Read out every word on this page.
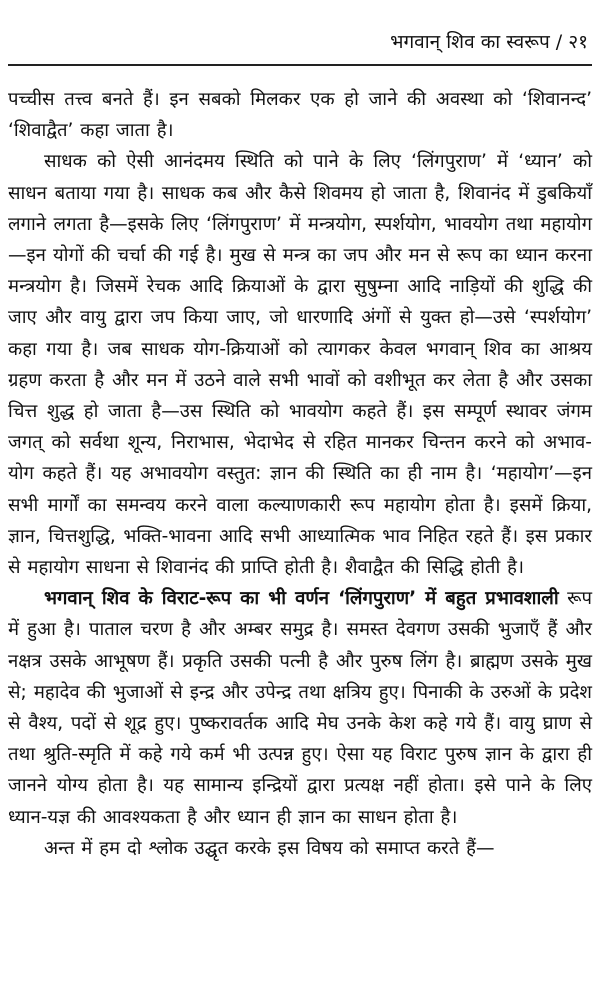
भगवान् शिव का स्वरूप / २१

पच्चीस तत्त्व बनते हैं। इन सबको मिलकर एक हो जाने की अवस्था को ‘शिवानन्द’ ‘शिवाद्वैत’ कहा जाता है।

साधक को ऐसी आनंदमय स्थिति को पाने के लिए ‘लिंगपुराण’ में ‘ध्यान’ को साधन बताया गया है। साधक कब और कैसे शिवमय हो जाता है, शिवानंद में डुबकियाँ लगाने लगता है—इसके लिए ‘लिंगपुराण’ में मन्त्रयोग, स्पर्शयोग, भावयोग तथा महायोग—इन योगों की चर्चा की गई है। मुख से मन्त्र का जप और मन से रूप का ध्यान करना मन्त्रयोग है। जिसमें रेचक आदि क्रियाओं के द्वारा सुषुम्ना आदि नाड़ियों की शुद्धि की जाए और वायु द्वारा जप किया जाए, जो धारणादि अंगों से युक्त हो—उसे ‘स्पर्शयोग’ कहा गया है। जब साधक योग-क्रियाओं को त्यागकर केवल भगवान् शिव का आश्रय ग्रहण करता है और मन में उठने वाले सभी भावों को वशीभूत कर लेता है और उसका चित्त शुद्ध हो जाता है—उस स्थिति को भावयोग कहते हैं। इस सम्पूर्ण स्थावर जंगम जगत् को सर्वथा शून्य, निराभास, भेदाभेद से रहित मानकर चिन्तन करने को अभाव-योग कहते हैं। यह अभावयोग वस्तुत: ज्ञान की स्थिति का ही नाम है। ‘महायोग’—इन सभी मार्गों का समन्वय करने वाला कल्याणकारी रूप महायोग होता है। इसमें क्रिया, ज्ञान, चित्तशुद्धि, भक्ति-भावना आदि सभी आध्यात्मिक भाव निहित रहते हैं। इस प्रकार से महायोग साधना से शिवानंद की प्राप्ति होती है। शैवाद्वैत की सिद्धि होती है।

भगवान् शिव के विराट-रूप का भी वर्णन ‘लिंगपुराण’ में बहुत प्रभावशाली रूप में हुआ है। पाताल चरण है और अम्बर समुद्र है। समस्त देवगण उसकी भुजाएँ हैं और नक्षत्र उसके आभूषण हैं। प्रकृति उसकी पत्नी है और पुरुष लिंग है। ब्राह्मण उसके मुख से; महादेव की भुजाओं से इन्द्र और उपेन्द्र तथा क्षत्रिय हुए। पिनाकी के उरुओं के प्रदेश से वैश्य, पदों से शूद्र हुए। पुष्करावर्तक आदि मेघ उनके केश कहे गये हैं। वायु घ्राण से तथा श्रुति-स्मृति में कहे गये कर्म भी उत्पन्न हुए। ऐसा यह विराट पुरुष ज्ञान के द्वारा ही जानने योग्य होता है। यह सामान्य इन्द्रियों द्वारा प्रत्यक्ष नहीं होता। इसे पाने के लिए ध्यान-यज्ञ की आवश्यकता है और ध्यान ही ज्ञान का साधन होता है।

अन्त में हम दो श्लोक उद्घृत करके इस विषय को समाप्त करते हैं—
